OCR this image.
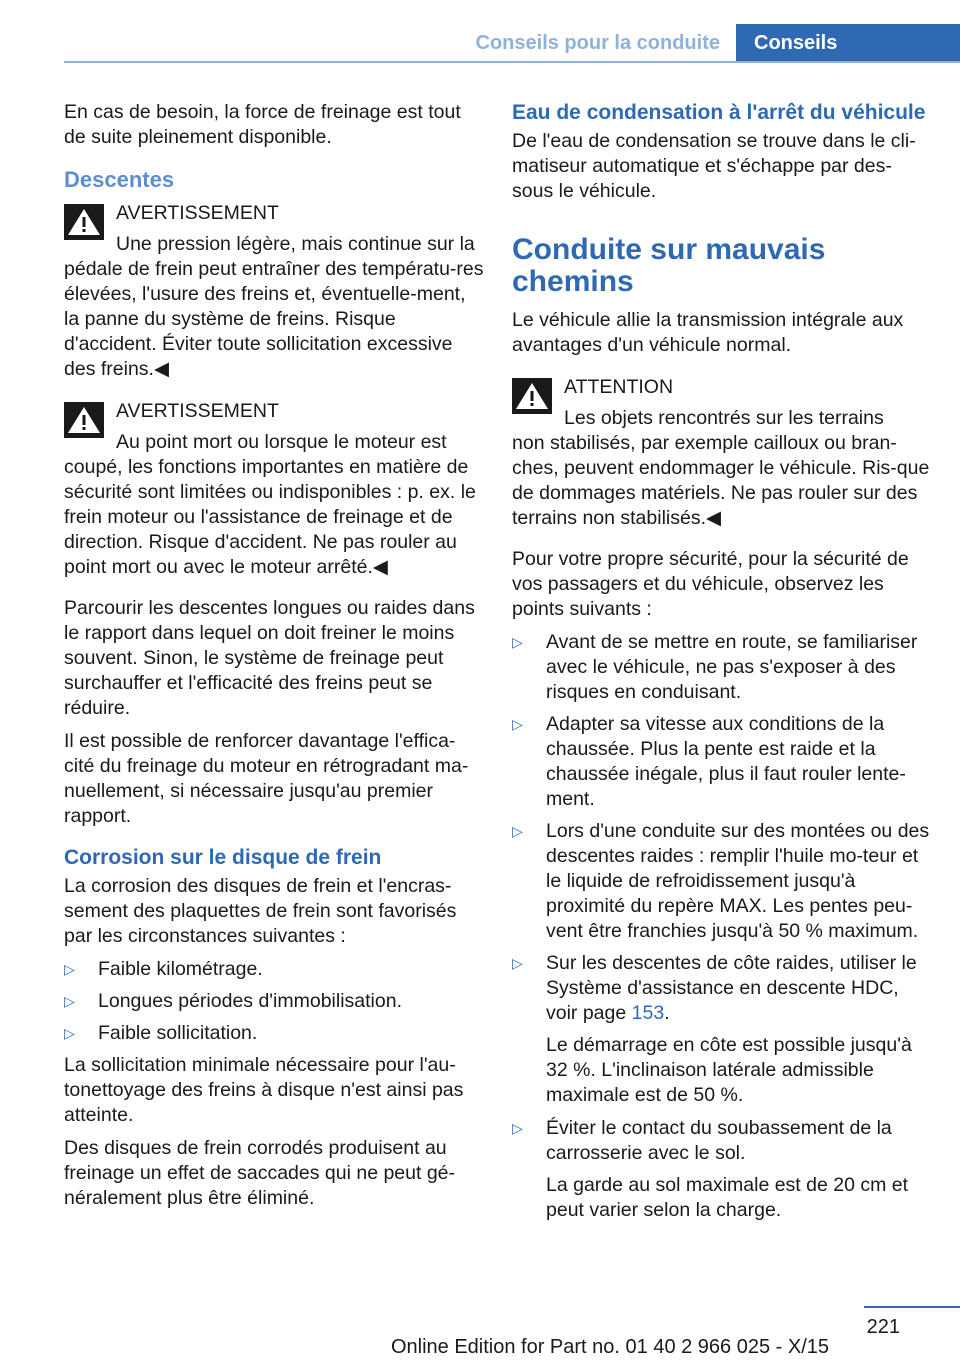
Conseils pour la conduite	Conseils

En cas de besoin, la force de freinage est tout de suite pleinement disponible.

Descentes
AVERTISSEMENT
Une pression légère, mais continue sur la
pédale de frein peut entraîner des températu-res élevées, l'usure des freins et, éventuelle-ment, la panne du système de freins. Risque d'accident. Éviter toute sollicitation excessive des freins.◀
AVERTISSEMENT
Au point mort ou lorsque le moteur est
coupé, les fonctions importantes en matière de sécurité sont limitées ou indisponibles : p. ex. le frein moteur ou l'assistance de freinage et de direction. Risque d'accident. Ne pas rouler au point mort ou avec le moteur arrêté.◀

Parcourir les descentes longues ou raides dans le rapport dans lequel on doit freiner le moins souvent. Sinon, le système de freinage peut surchauffer et l'efficacité des freins peut se réduire.

Il est possible de renforcer davantage l'effica-cité du freinage du moteur en rétrogradant ma-nuellement, si nécessaire jusqu'au premier rapport.

Corrosion sur le disque de frein

La corrosion des disques de frein et l'encras-sement des plaquettes de frein sont favorisés par les circonstances suivantes :

▷ Faible kilométrage.
▷ Longues périodes d'immobilisation.
▷ Faible sollicitation.

La sollicitation minimale nécessaire pour l'au-tonettoyage des freins à disque n'est ainsi pas atteinte.

Des disques de frein corrodés produisent au freinage un effet de saccades qui ne peut gé-néralement plus être éliminé.

Eau de condensation à l'arrêt du véhicule

De l'eau de condensation se trouve dans le cli-matiseur automatique et s'échappe par des-sous le véhicule.

Conduite sur mauvais chemins

Le véhicule allie la transmission intégrale aux avantages d'un véhicule normal.

ATTENTION
Les objets rencontrés sur les terrains
non stabilisés, par exemple cailloux ou bran-ches, peuvent endommager le véhicule. Ris-que de dommages matériels. Ne pas rouler sur des terrains non stabilisés.◀

Pour votre propre sécurité, pour la sécurité de vos passagers et du véhicule, observez les points suivants :

▷ Avant de se mettre en route, se familiariser avec le véhicule, ne pas s'exposer à des risques en conduisant.
▷ Adapter sa vitesse aux conditions de la chaussée. Plus la pente est raide et la chaussée inégale, plus il faut rouler lente-ment.
▷ Lors d'une conduite sur des montées ou des descentes raides : remplir l'huile mo-teur et le liquide de refroidissement jusqu'à proximité du repère MAX. Les pentes peu-vent être franchies jusqu'à 50 % maximum.
▷ Sur les descentes de côte raides, utiliser le Système d'assistance en descente HDC, voir page 153.

Le démarrage en côte est possible jusqu'à 32 %. L'inclinaison latérale admissible maximale est de 50 %.

▷ Éviter le contact du soubassement de la carrosserie avec le sol.

La garde au sol maximale est de 20 cm et peut varier selon la charge.

221
Online Edition for Part no. 01 40 2 966 025 - X/15
